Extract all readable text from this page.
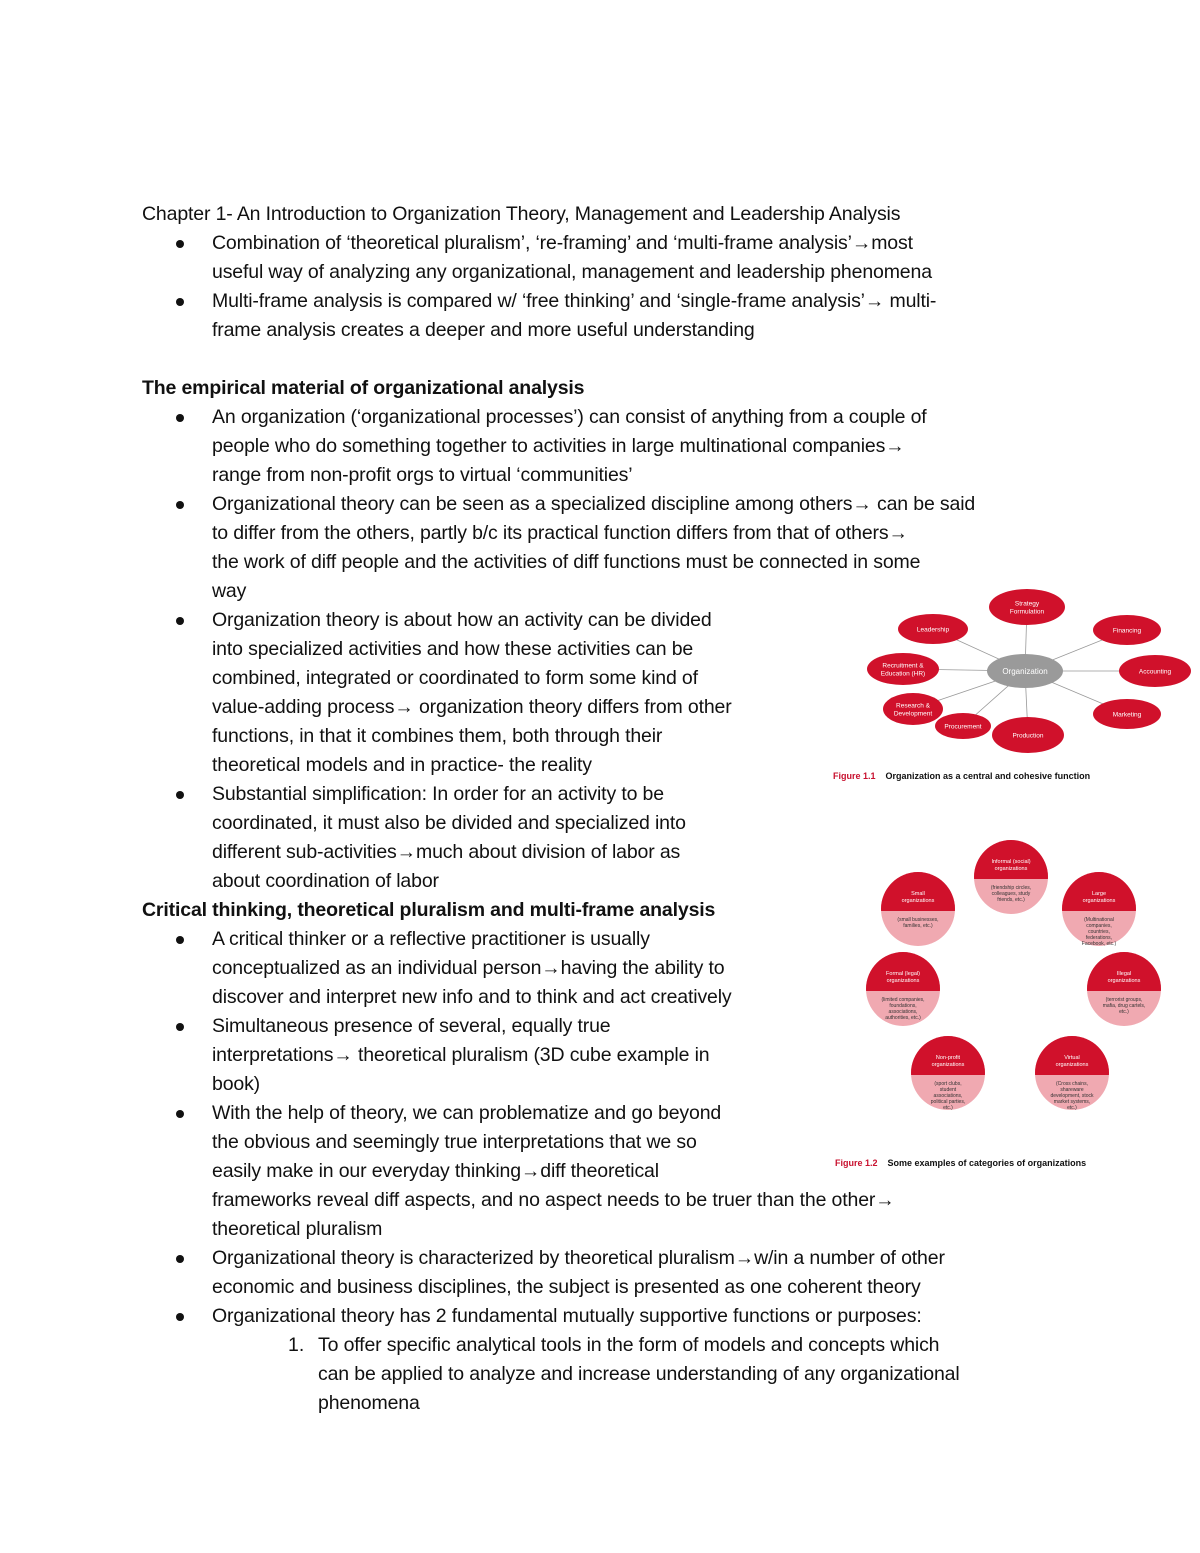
Chapter 1- An Introduction to Organization Theory, Management and Leadership Analysis
Combination of ‘theoretical pluralism’, ‘re-framing’ and ‘multi-frame analysis’→most
useful way of analyzing any organizational, management and leadership phenomena
Multi-frame analysis is compared w/ ‘free thinking’ and ‘single-frame analysis’→ multi-
frame analysis creates a deeper and more useful understanding
The empirical material of organizational analysis
An organization (‘organizational processes’) can consist of anything from a couple of
people who do something together to activities in large multinational companies→
range from non-profit orgs to virtual ‘communities’
Organizational theory can be seen as a specialized discipline among others→ can be said
to differ from the others, partly b/c its practical function differs from that of others→
the work of diff people and the activities of diff functions must be connected in some
way
Organization theory is about how an activity can be divided
into specialized activities and how these activities can be
combined, integrated or coordinated to form some kind of
value-adding process→ organization theory differs from other
functions, in that it combines them, both through their
theoretical models and in practice- the reality
Substantial simplification: In order for an activity to be
coordinated, it must also be divided and specialized into
different sub-activities→much about division of labor as
about coordination of labor
Critical thinking, theoretical pluralism and multi-frame analysis
A critical thinker or a reflective practitioner is usually
conceptualized as an individual person→having the ability to
discover and interpret new info and to think and act creatively
Simultaneous presence of several, equally true
interpretations→ theoretical pluralism (3D cube example in
book)
With the help of theory, we can problematize and go beyond
the obvious and seemingly true interpretations that we so
easily make in our everyday thinking→diff theoretical
frameworks reveal diff aspects, and no aspect needs to be truer than the other→
theoretical pluralism
Organizational theory is characterized by theoretical pluralism→w/in a number of other
economic and business disciplines, the subject is presented as one coherent theory
Organizational theory has 2 fundamental mutually supportive functions or purposes:
1. To offer specific analytical tools in the form of models and concepts which
can be applied to analyze and increase understanding of any organizational
phenomena
Organization
Strategy Formulation
Financing
Accounting
Marketing
Production
Procurement
Research & Development
Recruitment & Education (HR)
Leadership
Figure 1.1 Organization as a central and cohesive function
Informal (social) organizations
(friendship circles, colleagues, study friends, etc.)
Large organizations
(Multinational companies, countries, federations, Facebook, etc.)
Illegal organizations
(terrorist groups, mafia, drug cartels, etc.)
Virtual organizations
(Cross chains, shareware development, stock market systems, etc.)
Non-profit organizations
(sport clubs, student associations, political parties, etc.)
Formal (legal) organizations
(limited companies, foundations, associations, authorities, etc.)
Small organizations
(small businesses, families, etc.)
Figure 1.2 Some examples of categories of organizations
